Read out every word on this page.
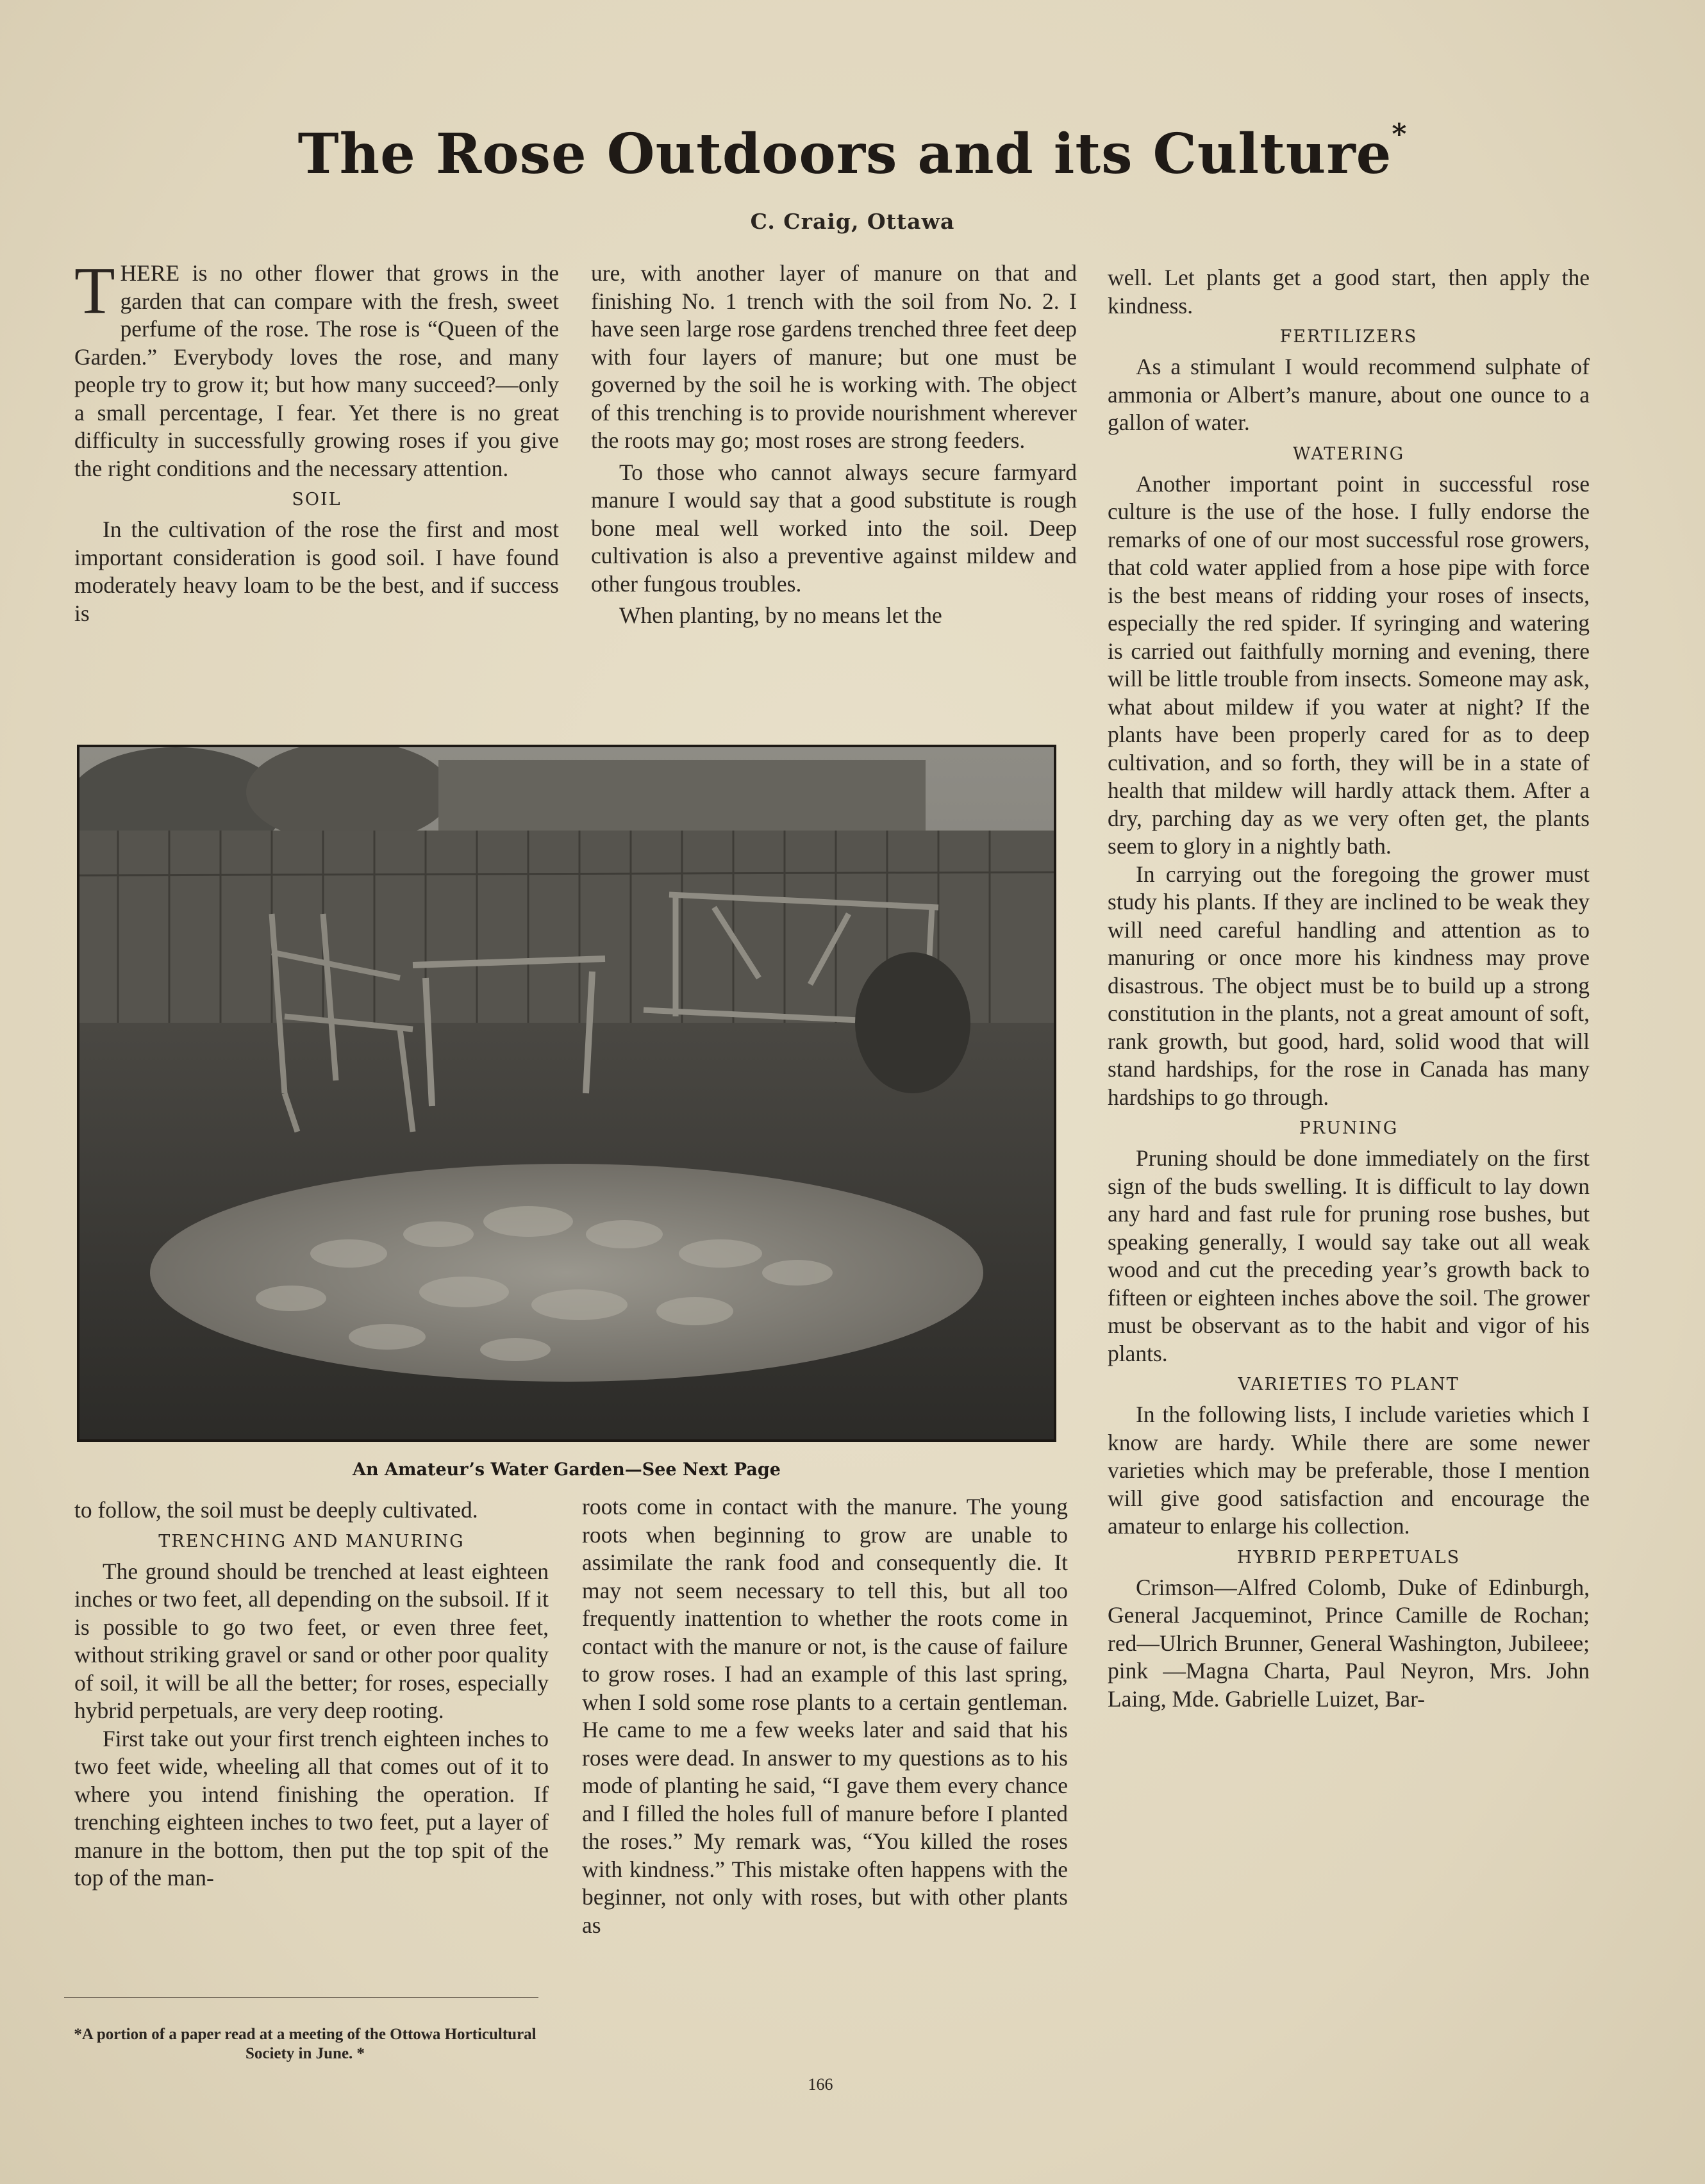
The Rose Outdoors and its Culture*
C. Craig, Ottawa

THERE is no other flower that grows in the garden that can compare with the fresh, sweet perfume of the rose. The rose is “Queen of the Garden.” Everybody loves the rose, and many people try to grow it; but how many succeed?—only a small percentage, I fear. Yet there is no great difficulty in successfully growing roses if you give the right conditions and the necessary attention.

SOIL

In the cultivation of the rose the first and most important consideration is good soil. I have found moderately heavy loam to be the best, and if success is

ure, with another layer of manure on that and finishing No. 1 trench with the soil from No. 2. I have seen large rose gardens trenched three feet deep with four layers of manure; but one must be governed by the soil he is working with. The object of this trenching is to provide nourishment wherever the roots may go; most roses are strong feeders.

To those who cannot always secure farmyard manure I would say that a good substitute is rough bone meal well worked into the soil. Deep cultivation is also a preventive against mildew and other fungous troubles.

When planting, by no means let the

well. Let plants get a good start, then apply the kindness.

FERTILIZERS

As a stimulant I would recommend sulphate of ammonia or Albert’s manure, about one ounce to a gallon of water.

WATERING

Another important point in successful rose culture is the use of the hose. I fully endorse the remarks of one of our most successful rose growers, that cold water applied from a hose pipe with force is the best means of ridding your roses of insects, especially the red spider. If syringing and watering is carried out faithfully morning and evening, there will be little trouble from insects. Someone may ask, what about mildew if you water at night? If the plants have been properly cared for as to deep cultivation, and so forth, they will be in a state of health that mildew will hardly attack them. After a dry, parching day as we very often get, the plants seem to glory in a nightly bath.

In carrying out the foregoing the grower must study his plants. If they are inclined to be weak they will need careful handling and attention as to manuring or once more his kindness may prove disastrous. The object must be to build up a strong constitution in the plants, not a great amount of soft, rank growth, but good, hard, solid wood that will stand hardships, for the rose in Canada has many hardships to go through.

PRUNING

Pruning should be done immediately on the first sign of the buds swelling. It is difficult to lay down any hard and fast rule for pruning rose bushes, but speaking generally, I would say take out all weak wood and cut the preceding year’s growth back to fifteen or eighteen inches above the soil. The grower must be observant as to the habit and vigor of his plants.

VARIETIES TO PLANT

In the following lists, I include varieties which I know are hardy. While there are some newer varieties which may be preferable, those I mention will give good satisfaction and encourage the amateur to enlarge his collection.

HYBRID PERPETUALS

Crimson—Alfred Colomb, Duke of Edinburgh, General Jacqueminot, Prince Camille de Rochan; red—Ulrich Brunner, General Washington, Jubileee; pink —Magna Charta, Paul Neyron, Mrs. John Laing, Mde. Gabrielle Luizet, Bar-

An Amateur’s Water Garden—See Next Page

to follow, the soil must be deeply cultivated.

TRENCHING AND MANURING

The ground should be trenched at least eighteen inches or two feet, all depending on the subsoil. If it is possible to go two feet, or even three feet, without striking gravel or sand or other poor quality of soil, it will be all the better; for roses, especially hybrid perpetuals, are very deep rooting.

First take out your first trench eighteen inches to two feet wide, wheeling all that comes out of it to where you intend finishing the operation. If trenching eighteen inches to two feet, put a layer of manure in the bottom, then put the top spit of the top of the man-

roots come in contact with the manure. The young roots when beginning to grow are unable to assimilate the rank food and consequently die. It may not seem necessary to tell this, but all too frequently inattention to whether the roots come in contact with the manure or not, is the cause of failure to grow roses. I had an example of this last spring, when I sold some rose plants to a certain gentleman. He came to me a few weeks later and said that his roses were dead. In answer to my questions as to his mode of planting he said, “I gave them every chance and I filled the holes full of manure before I planted the roses.” My remark was, “You killed the roses with kindness.” This mistake often happens with the beginner, not only with roses, but with other plants as

*A portion of a paper read at a meeting of the Ottowa Horticultural Society in June. *
166
